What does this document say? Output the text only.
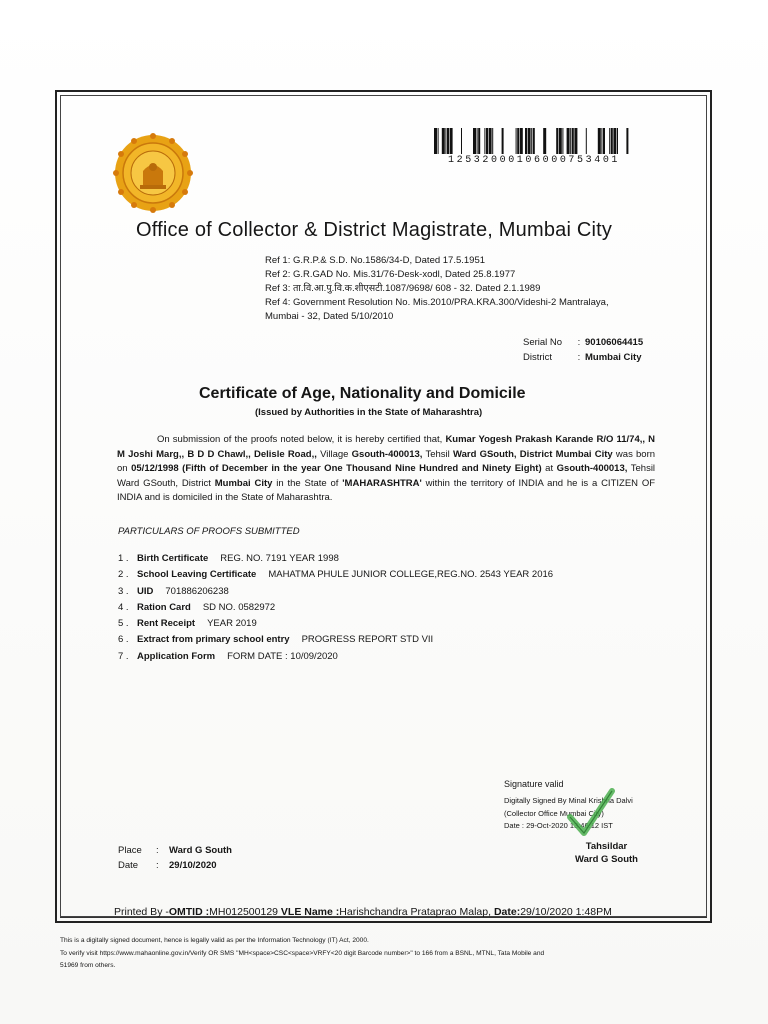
12532000106000753401
Office of Collector & District Magistrate, Mumbai City
Ref 1: G.R.P.& S.D. No.1586/34-D, Dated 17.5.1951
Ref 2: G.R.GAD No. Mis.31/76-Desk-xodl, Dated 25.8.1977
Ref 3: ता.वि.आ.पु.वि.क.शीएसटी.1087/9698/ 608 - 32. Dated 2.1.1989
Ref 4: Government Resolution No. Mis.2010/PRA.KRA.300/Videshi-2 Mantralaya,
Mumbai - 32, Dated 5/10/2010
Serial No	: 90106064415
District	: Mumbai City
Certificate of Age, Nationality and Domicile
(Issued by Authorities in the State of Maharashtra)
On submission of the proofs noted below, it is hereby certified that, Kumar Yogesh Prakash Karande R/O 11/74,, N M Joshi Marg,, B D D Chawl,, Delisle Road,, Village Gsouth-400013, Tehsil Ward GSouth, District Mumbai City was born on 05/12/1998 (Fifth of December in the year One Thousand Nine Hundred and Ninety Eight) at Gsouth-400013, Tehsil Ward GSouth, District Mumbai City in the State of 'MAHARASHTRA' within the territory of INDIA and he is a CITIZEN OF INDIA and is domiciled in the State of Maharashtra.
PARTICULARS OF PROOFS SUBMITTED
1 . Birth Certificate REG. NO. 7191 YEAR 1998
2 . School Leaving Certificate MAHATMA PHULE JUNIOR COLLEGE,REG.NO. 2543 YEAR 2016
3 . UID 701886206238
4 . Ration Card SD NO. 0582972
5 . Rent Receipt YEAR 2019
6 . Extract from primary school entry PROGRESS REPORT STD VII
7 . Application Form FORM DATE : 10/09/2020
Signature valid
Digitally Signed By Minal Krishna Dalvi
(Collector Office Mumbai City)
Date : 29-Oct-2020 13:46:12 IST
Tahsildar
Ward G South
Place	:	Ward G South
Date	:	29/10/2020
Printed By -OMTID :MH012500129 VLE Name :Harishchandra Prataprao Malap, Date:29/10/2020 1:48PM
This is a digitally signed document, hence is legally valid as per the Information Technology (IT) Act, 2000.
To verify visit https://www.mahaonline.gov.in/Verify OR SMS "MH<space>CSC<space>VRFY<20 digit Barcode number>" to 166 from a BSNL, MTNL, Tata Mobile and
51969 from others.
